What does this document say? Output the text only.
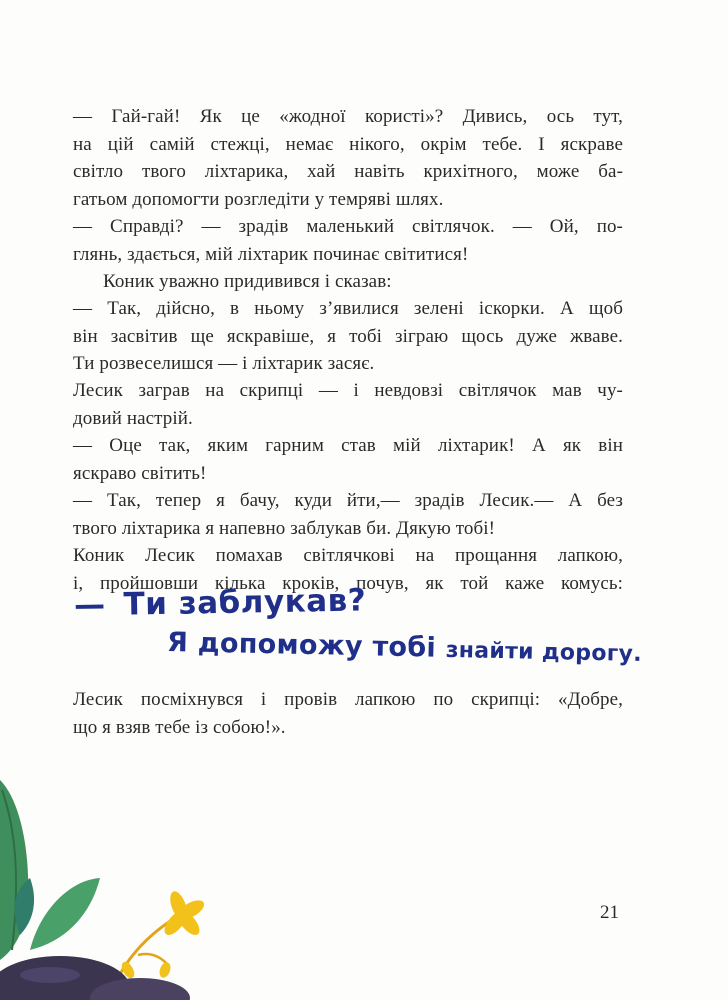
— Гай-гай! Як це «жодної користі»? Дивись, ось тут,
на цій самій стежці, немає нікого, окрім тебе. І яскраве
світло твого ліхтарика, хай навіть крихітного, може ба-
гатьом допомогти розгледіти у темряві шлях.

— Справді? — зрадів маленький світлячок. — Ой, по-
глянь, здається, мій ліхтарик починає світитися!

Коник уважно придивився і сказав:

— Так, дійсно, в ньому з’явилися зелені іскорки. А щоб
він засвітив ще яскравіше, я тобі зіграю щось дуже жваве.
Ти розвеселишся — і ліхтарик засяє.

Лесик заграв на скрипці — і невдовзі світлячок мав чу-
довий настрій.

— Оце так, яким гарним став мій ліхтарик! А як він
яскраво світить!

— Так, тепер я бачу, куди йти,— зрадів Лесик.— А без
твого ліхтарика я напевно заблукав би. Дякую тобі!

Коник Лесик помахав світлячкові на прощання лапкою,
і, пройшовши кілька кроків, почув, як той каже комусь:

— Ти заблукав?

Я допоможу тобі знайти дорогу.

Лесик посміхнувся і провів лапкою по скрипці: «Добре,
що я взяв тебе із собою!».

21
